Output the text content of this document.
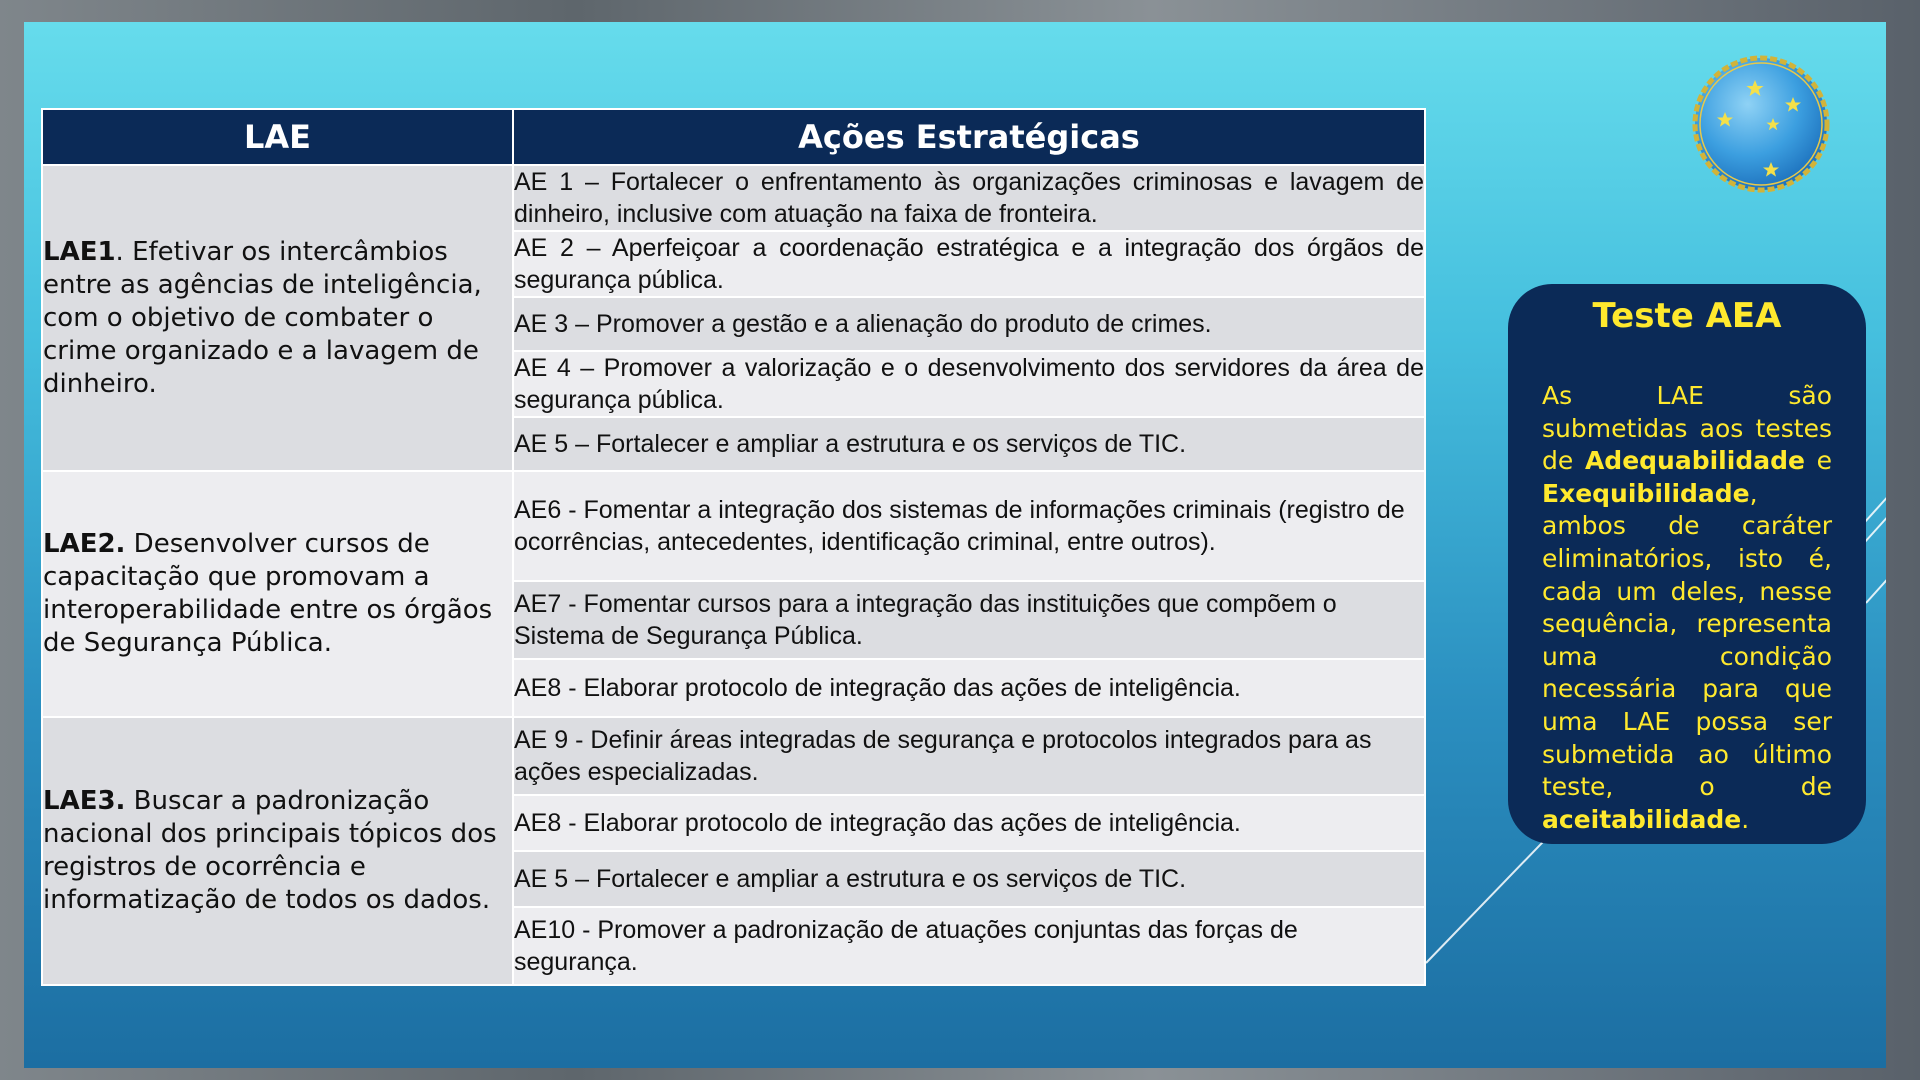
LAE	Ações Estratégicas
LAE1. Efetivar os intercâmbios entre as agências de inteligência, com o objetivo de combater o crime organizado e a lavagem de dinheiro.	AE 1 – Fortalecer o enfrentamento às organizações criminosas e lavagem de dinheiro, inclusive com atuação na faixa de fronteira.
	AE 2 – Aperfeiçoar a coordenação estratégica e a integração dos órgãos de segurança pública.
	AE 3 – Promover a gestão e a alienação do produto de crimes.
	AE 4 – Promover a valorização e o desenvolvimento dos servidores da área de segurança pública.
	AE 5 – Fortalecer e ampliar a estrutura e os serviços de TIC.
LAE2. Desenvolver cursos de capacitação que promovam a interoperabilidade entre os órgãos de Segurança Pública.	AE6 - Fomentar a integração dos sistemas de informações criminais (registro de ocorrências, antecedentes, identificação criminal, entre outros).
	AE7 - Fomentar cursos para a integração das instituições que compõem o Sistema de Segurança Pública.
	AE8 - Elaborar protocolo de integração das ações de inteligência.
LAE3. Buscar a padronização nacional dos principais tópicos dos registros de ocorrência e informatização de todos os dados.	AE 9 - Definir áreas integradas de segurança e protocolos integrados para as ações especializadas.
	AE8 - Elaborar protocolo de integração das ações de inteligência.
	AE 5 – Fortalecer e ampliar a estrutura e os serviços de TIC.
	AE10 - Promover a padronização de atuações conjuntas das forças de segurança.
Teste AEA
As LAE são submetidas aos testes de Adequabilidade e Exequibilidade, ambos de caráter eliminatórios, isto é, cada um deles, nesse sequência, representa uma condição necessária para que uma LAE possa ser submetida ao último teste, o de aceitabilidade.
